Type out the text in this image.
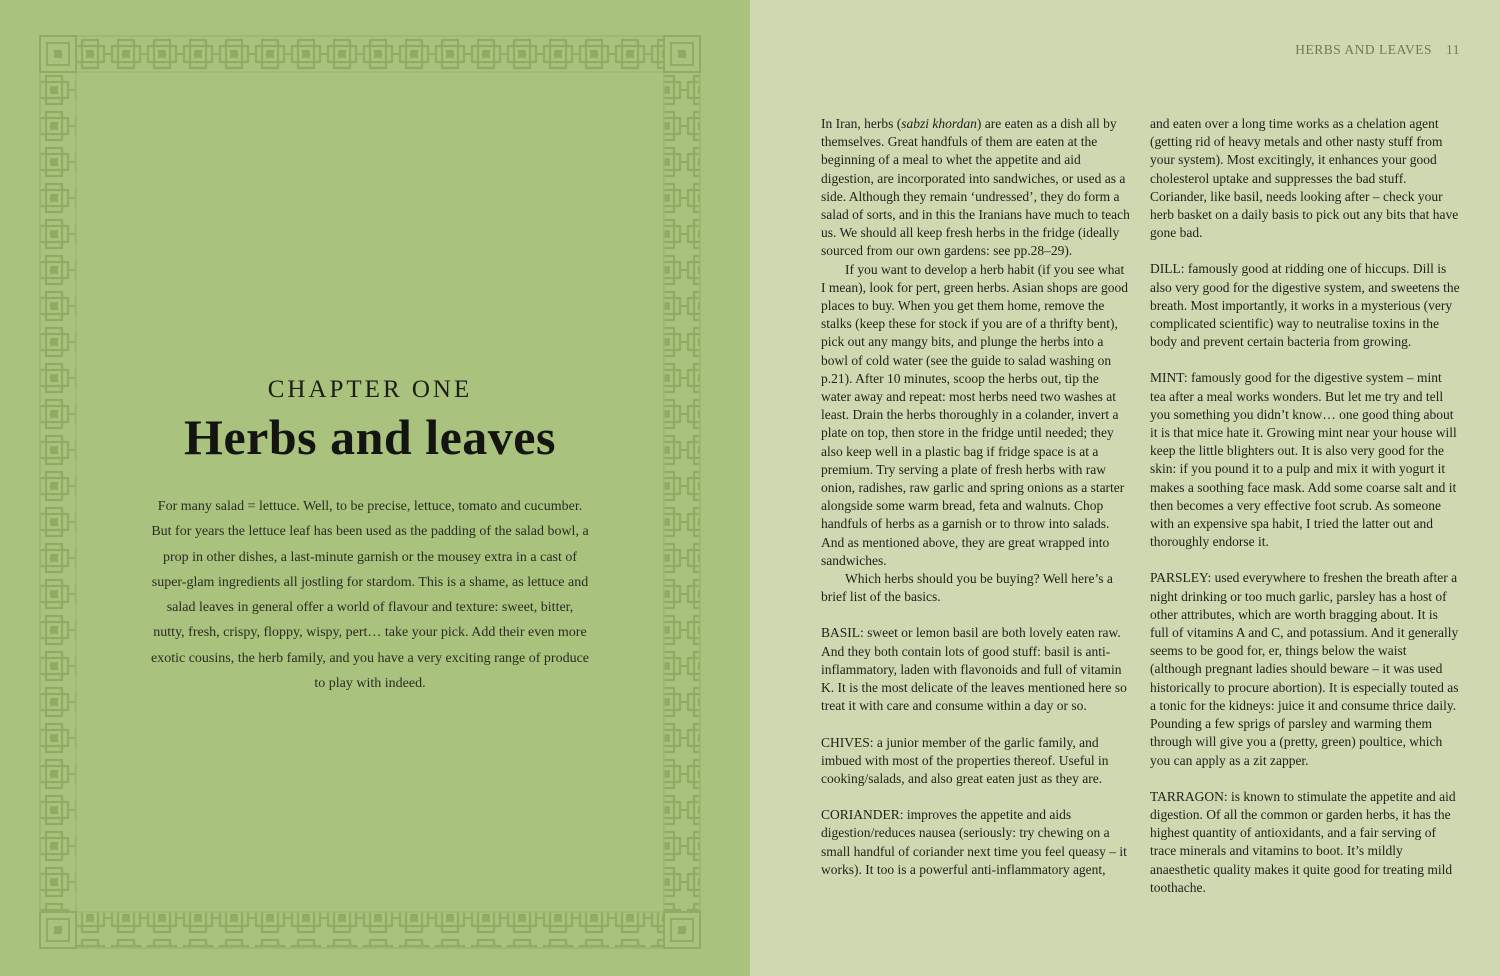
CHAPTER ONE
Herbs and leaves
For many salad = lettuce. Well, to be precise, lettuce, tomato and cucumber. But for years the lettuce leaf has been used as the padding of the salad bowl, a prop in other dishes, a last-minute garnish or the mousey extra in a cast of super-glam ingredients all jostling for stardom. This is a shame, as lettuce and salad leaves in general offer a world of flavour and texture: sweet, bitter, nutty, fresh, crispy, floppy, wispy, pert… take your pick. Add their even more exotic cousins, the herb family, and you have a very exciting range of produce to play with indeed.
HERBS AND LEAVES 11

In Iran, herbs (sabzi khordan) are eaten as a dish all by themselves. Great handfuls of them are eaten at the beginning of a meal to whet the appetite and aid digestion, are incorporated into sandwiches, or used as a side. Although they remain ‘undressed’, they do form a salad of sorts, and in this the Iranians have much to teach us. We should all keep fresh herbs in the fridge (ideally sourced from our own gardens: see pp.28–29).

If you want to develop a herb habit (if you see what I mean), look for pert, green herbs. Asian shops are good places to buy. When you get them home, remove the stalks (keep these for stock if you are of a thrifty bent), pick out any mangy bits, and plunge the herbs into a bowl of cold water (see the guide to salad washing on p.21). After 10 minutes, scoop the herbs out, tip the water away and repeat: most herbs need two washes at least. Drain the herbs thoroughly in a colander, invert a plate on top, then store in the fridge until needed; they also keep well in a plastic bag if fridge space is at a premium. Try serving a plate of fresh herbs with raw onion, radishes, raw garlic and spring onions as a starter alongside some warm bread, feta and walnuts. Chop handfuls of herbs as a garnish or to throw into salads. And as mentioned above, they are great wrapped into sandwiches.

Which herbs should you be buying? Well here’s a brief list of the basics.

BASIL: sweet or lemon basil are both lovely eaten raw. And they both contain lots of good stuff: basil is anti-inflammatory, laden with flavonoids and full of vitamin K. It is the most delicate of the leaves mentioned here so treat it with care and consume within a day or so.

CHIVES: a junior member of the garlic family, and imbued with most of the properties thereof. Useful in cooking/salads, and also great eaten just as they are.

CORIANDER: improves the appetite and aids digestion/reduces nausea (seriously: try chewing on a small handful of coriander next time you feel queasy – it works). It too is a powerful anti-inflammatory agent,

and eaten over a long time works as a chelation agent (getting rid of heavy metals and other nasty stuff from your system). Most excitingly, it enhances your good cholesterol uptake and suppresses the bad stuff. Coriander, like basil, needs looking after – check your herb basket on a daily basis to pick out any bits that have gone bad.

DILL: famously good at ridding one of hiccups. Dill is also very good for the digestive system, and sweetens the breath. Most importantly, it works in a mysterious (very complicated scientific) way to neutralise toxins in the body and prevent certain bacteria from growing.

MINT: famously good for the digestive system – mint tea after a meal works wonders. But let me try and tell you something you didn’t know… one good thing about it is that mice hate it. Growing mint near your house will keep the little blighters out. It is also very good for the skin: if you pound it to a pulp and mix it with yogurt it makes a soothing face mask. Add some coarse salt and it then becomes a very effective foot scrub. As someone with an expensive spa habit, I tried the latter out and thoroughly endorse it.

PARSLEY: used everywhere to freshen the breath after a night drinking or too much garlic, parsley has a host of other attributes, which are worth bragging about. It is full of vitamins A and C, and potassium. And it generally seems to be good for, er, things below the waist (although pregnant ladies should beware – it was used historically to procure abortion). It is especially touted as a tonic for the kidneys: juice it and consume thrice daily. Pounding a few sprigs of parsley and warming them through will give you a (pretty, green) poultice, which you can apply as a zit zapper.

TARRAGON: is known to stimulate the appetite and aid digestion. Of all the common or garden herbs, it has the highest quantity of antioxidants, and a fair serving of trace minerals and vitamins to boot. It’s mildly anaesthetic quality makes it quite good for treating mild toothache.
